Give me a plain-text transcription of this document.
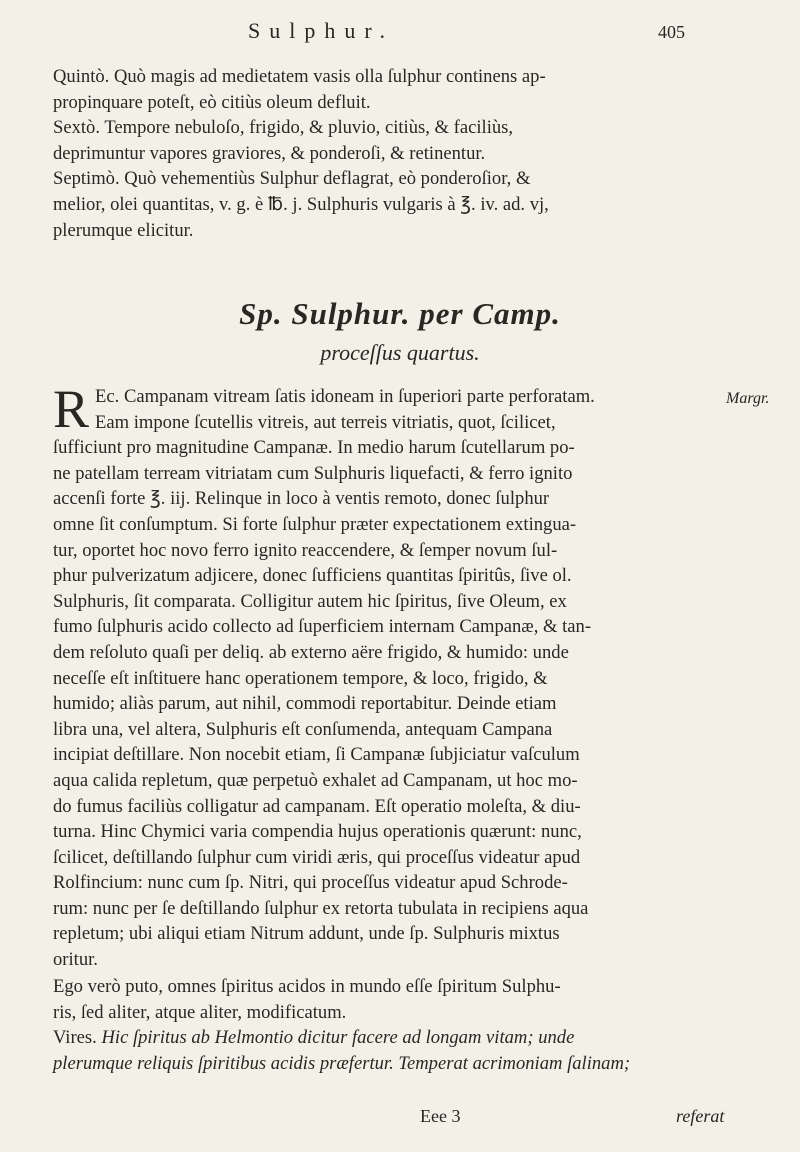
Sulphur.	405

Quintò. Quò magis ad medietatem vasis olla ſulphur continens ap-
propinquare poteſt, eò citiùs oleum defluit.

Sextò. Tempore nebuloſo, frigido, & pluvio, citiùs, & faciliùs,
deprimuntur vapores graviores, & ponderoſi, & retinentur.

Septimò. Quò vehementiùs Sulphur deflagrat, eò ponderoſior, &
melior, olei quantitas, v. g. è ℔. j. Sulphuris vulgaris à ℥. iv. ad. vj,
plerumque elicitur.

Sp. Sulphur. per Camp.
proceſſus quartus.
Margr.
R Ec. Campanam vitream ſatis idoneam in ſuperiori parte perforatam.
Eam impone ſcutellis vitreis, aut terreis vitriatis, quot, ſcilicet,
ſufficiunt pro magnitudine Campanæ. In medio harum ſcutellarum po-
ne patellam terream vitriatam cum Sulphuris liquefacti, & ferro ignito
accenſi forte ℥. iij. Relinque in loco à ventis remoto, donec ſulphur
omne ſit conſumptum. Si forte ſulphur præter expectationem extingua-
tur, oportet hoc novo ferro ignito reaccendere, & ſemper novum ſul-
phur pulverizatum adjicere, donec ſufficiens quantitas ſpiritûs, ſive ol.
Sulphuris, ſit comparata. Colligitur autem hic ſpiritus, ſive Oleum, ex
fumo ſulphuris acido collecto ad ſuperficiem internam Campanæ, & tan-
dem reſoluto quaſi per deliq. ab externo aëre frigido, & humido: unde
neceſſe eſt inſtituere hanc operationem tempore, & loco, frigido, &
humido; aliàs parum, aut nihil, commodi reportabitur. Deinde etiam
libra una, vel altera, Sulphuris eſt conſumenda, antequam Campana
incipiat deſtillare. Non nocebit etiam, ſi Campanæ ſubjiciatur vaſculum
aqua calida repletum, quæ perpetuò exhalet ad Campanam, ut hoc mo-
do fumus faciliùs colligatur ad campanam. Eſt operatio moleſta, & diu-
turna. Hinc Chymici varia compendia hujus operationis quærunt: nunc,
ſcilicet, deſtillando ſulphur cum viridi æris, qui proceſſus videatur apud
Rolfincium: nunc cum ſp. Nitri, qui proceſſus videatur apud Schrode-
rum: nunc per ſe deſtillando ſulphur ex retorta tubulata in recipiens aqua
repletum; ubi aliqui etiam Nitrum addunt, unde ſp. Sulphuris mixtus
oritur.

Ego verò puto, omnes ſpiritus acidos in mundo eſſe ſpiritum Sulphu-
ris, ſed aliter, atque aliter, modificatum.

Vires. Hic ſpiritus ab Helmontio dicitur facere ad longam vitam; unde
plerumque reliquis ſpiritibus acidis præfertur. Temperat acrimoniam ſalinam;

Eee 3	referat
